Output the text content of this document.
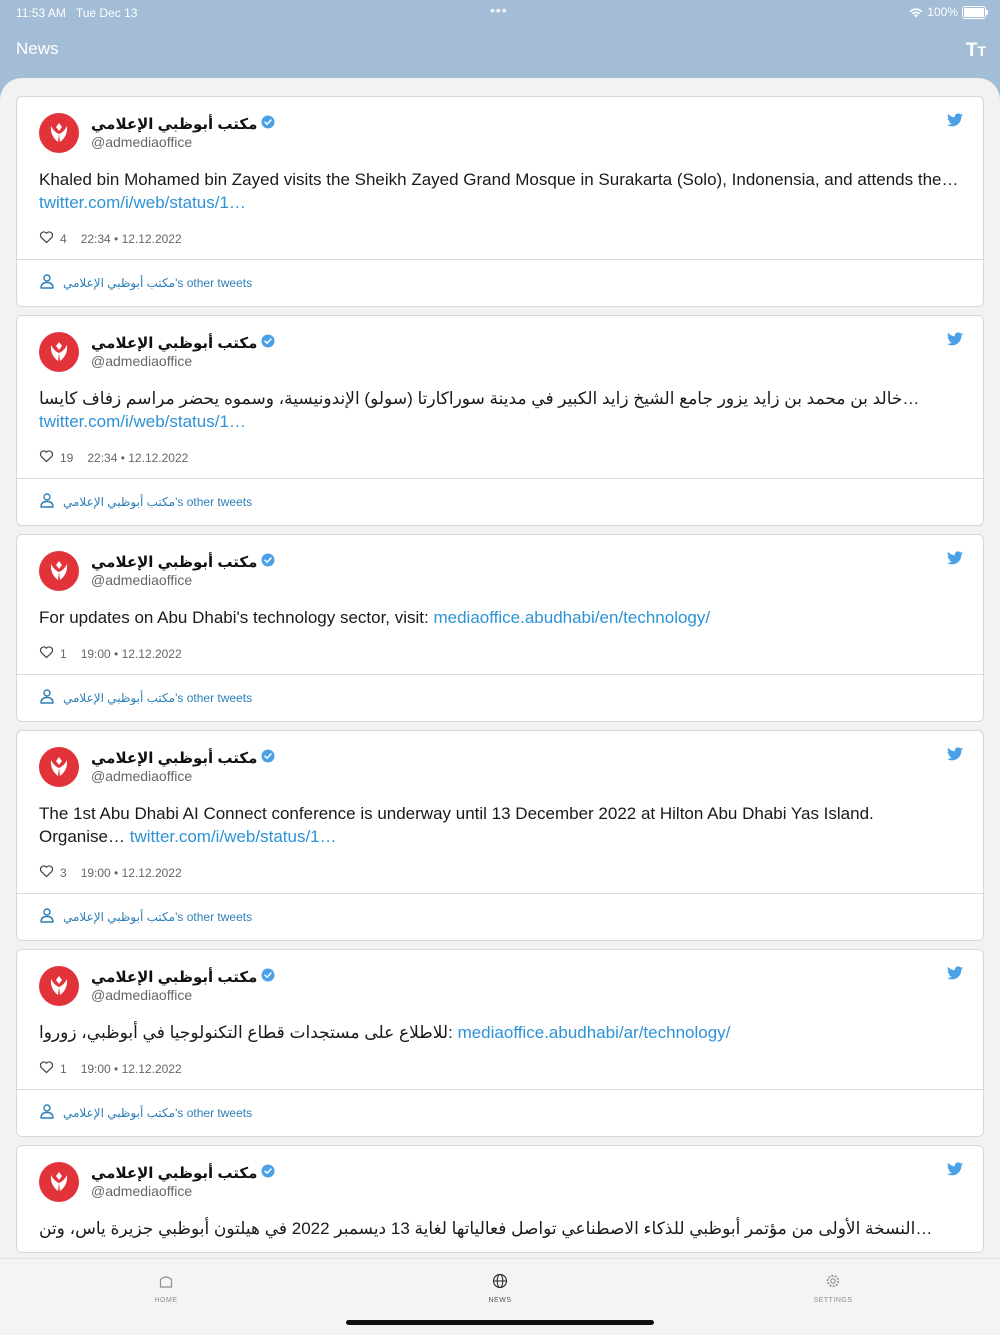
11:53 AM Tue Dec 13	•••	100%
News	TT
مكتب أبوظبي الإعلامي
@admediaoffice
Khaled bin Mohamed bin Zayed visits the Sheikh Zayed Grand Mosque in Surakarta (Solo), Indonensia, and attends the… twitter.com/i/web/status/1…
4 22:34 • 12.12.2022
مكتب أبوظبي الإعلامي's other tweets
مكتب أبوظبي الإعلامي
@admediaoffice
خالد بن محمد بن زايد يزور جامع الشيخ زايد الكبير في مدينة سوراكارتا (سولو) الإندونيسية، وسموه يحضر مراسم زفاف كايسا… twitter.com/i/web/status/1…
19 22:34 • 12.12.2022
مكتب أبوظبي الإعلامي's other tweets
مكتب أبوظبي الإعلامي
@admediaoffice
For updates on Abu Dhabi's technology sector, visit: mediaoffice.abudhabi/en/technology/
1 19:00 • 12.12.2022
مكتب أبوظبي الإعلامي's other tweets
مكتب أبوظبي الإعلامي
@admediaoffice
The 1st Abu Dhabi AI Connect conference is underway until 13 December 2022 at Hilton Abu Dhabi Yas Island. Organise… twitter.com/i/web/status/1…
3 19:00 • 12.12.2022
مكتب أبوظبي الإعلامي's other tweets
مكتب أبوظبي الإعلامي
@admediaoffice
للاطلاع على مستجدات قطاع التكنولوجيا في أبوظبي، زوروا: mediaoffice.abudhabi/ar/technology/
1 19:00 • 12.12.2022
مكتب أبوظبي الإعلامي's other tweets
مكتب أبوظبي الإعلامي
@admediaoffice
النسخة الأولى من مؤتمر أبوظبي للذكاء الاصطناعي تواصل فعالياتها لغاية 13 ديسمبر 2022 في هيلتون أبوظبي جزيرة ياس، وتن…
HOME	NEWS	SETTINGS
